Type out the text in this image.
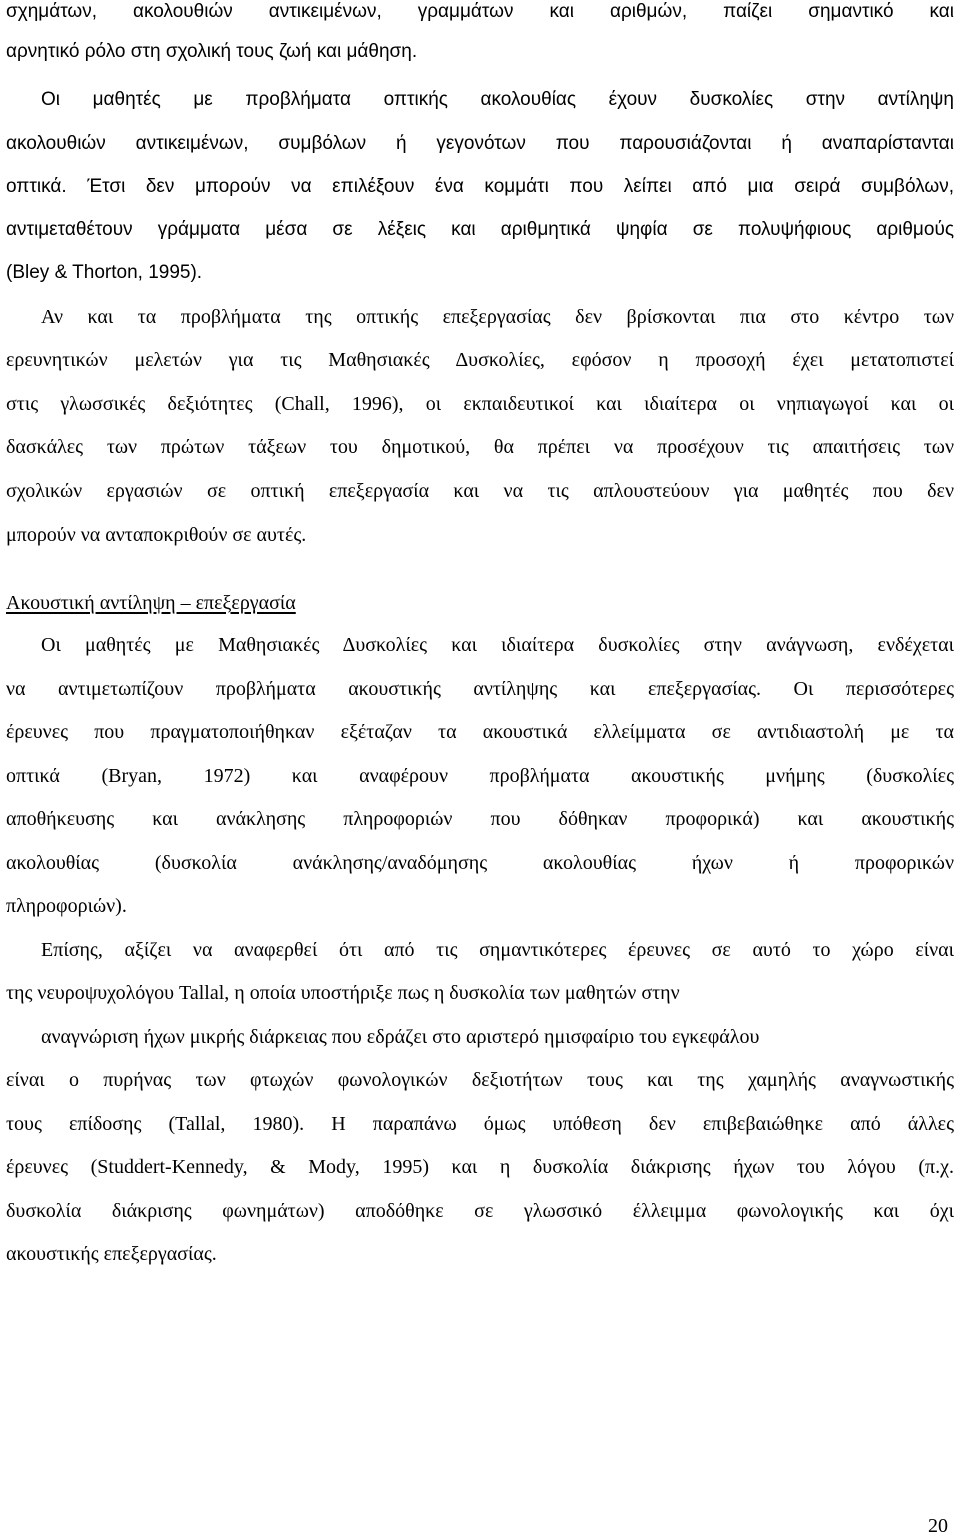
σχημάτων, ακολουθιών αντικειμένων, γραμμάτων και αριθμών, παίζει σημαντικό και
αρνητικό ρόλο στη σχολική τους ζωή και μάθηση.
Οι μαθητές με προβλήματα οπτικής ακολουθίας έχουν δυσκολίες στην αντίληψη
ακολουθιών αντικειμένων, συμβόλων ή γεγονότων που παρουσιάζονται ή αναπαρίστανται
οπτικά. Έτσι δεν μπορούν να επιλέξουν ένα κομμάτι που λείπει από μια σειρά συμβόλων,
αντιμεταθέτουν γράμματα μέσα σε λέξεις και αριθμητικά ψηφία σε πολυψήφιους αριθμούς
(Bley & Thorton, 1995).
Αν και τα προβλήματα της οπτικής επεξεργασίας δεν βρίσκονται πια στο κέντρο των
ερευνητικών μελετών για τις Μαθησιακές Δυσκολίες, εφόσον η προσοχή έχει μετατοπιστεί
στις γλωσσικές δεξιότητες (Chall, 1996), οι εκπαιδευτικοί και ιδιαίτερα οι νηπιαγωγοί και οι
δασκάλες των πρώτων τάξεων του δημοτικού, θα πρέπει να προσέχουν τις απαιτήσεις των
σχολικών εργασιών σε οπτική επεξεργασία και να τις απλουστεύουν για μαθητές που δεν
μπορούν να ανταποκριθούν σε αυτές.
Ακουστική αντίληψη – επεξεργασία
Οι μαθητές με Μαθησιακές Δυσκολίες και ιδιαίτερα δυσκολίες στην ανάγνωση, ενδέχεται
να αντιμετωπίζουν προβλήματα ακουστικής αντίληψης και επεξεργασίας. Οι περισσότερες
έρευνες που πραγματοποιήθηκαν εξέταζαν τα ακουστικά ελλείμματα σε αντιδιαστολή με τα
οπτικά (Bryan, 1972) και αναφέρουν προβλήματα ακουστικής μνήμης (δυσκολίες
αποθήκευσης και ανάκλησης πληροφοριών που δόθηκαν προφορικά) και ακουστικής
ακολουθίας (δυσκολία ανάκλησης/αναδόμησης ακολουθίας ήχων ή προφορικών
πληροφοριών).
Επίσης, αξίζει να αναφερθεί ότι από τις σημαντικότερες έρευνες σε αυτό το χώρο είναι
της νευροψυχολόγου Tallal, η οποία υποστήριξε πως η δυσκολία των μαθητών στην
αναγνώριση ήχων μικρής διάρκειας που εδράζει στο αριστερό ημισφαίριο του εγκεφάλου
είναι ο πυρήνας των φτωχών φωνολογικών δεξιοτήτων τους και της χαμηλής αναγνωστικής
τους επίδοσης (Tallal, 1980). Η παραπάνω όμως υπόθεση δεν επιβεβαιώθηκε από άλλες
έρευνες (Studdert-Kennedy, & Mody, 1995) και η δυσκολία διάκρισης ήχων του λόγου (π.χ.
δυσκολία διάκρισης φωνημάτων) αποδόθηκε σε γλωσσικό έλλειμμα φωνολογικής και όχι
ακουστικής επεξεργασίας.
20
